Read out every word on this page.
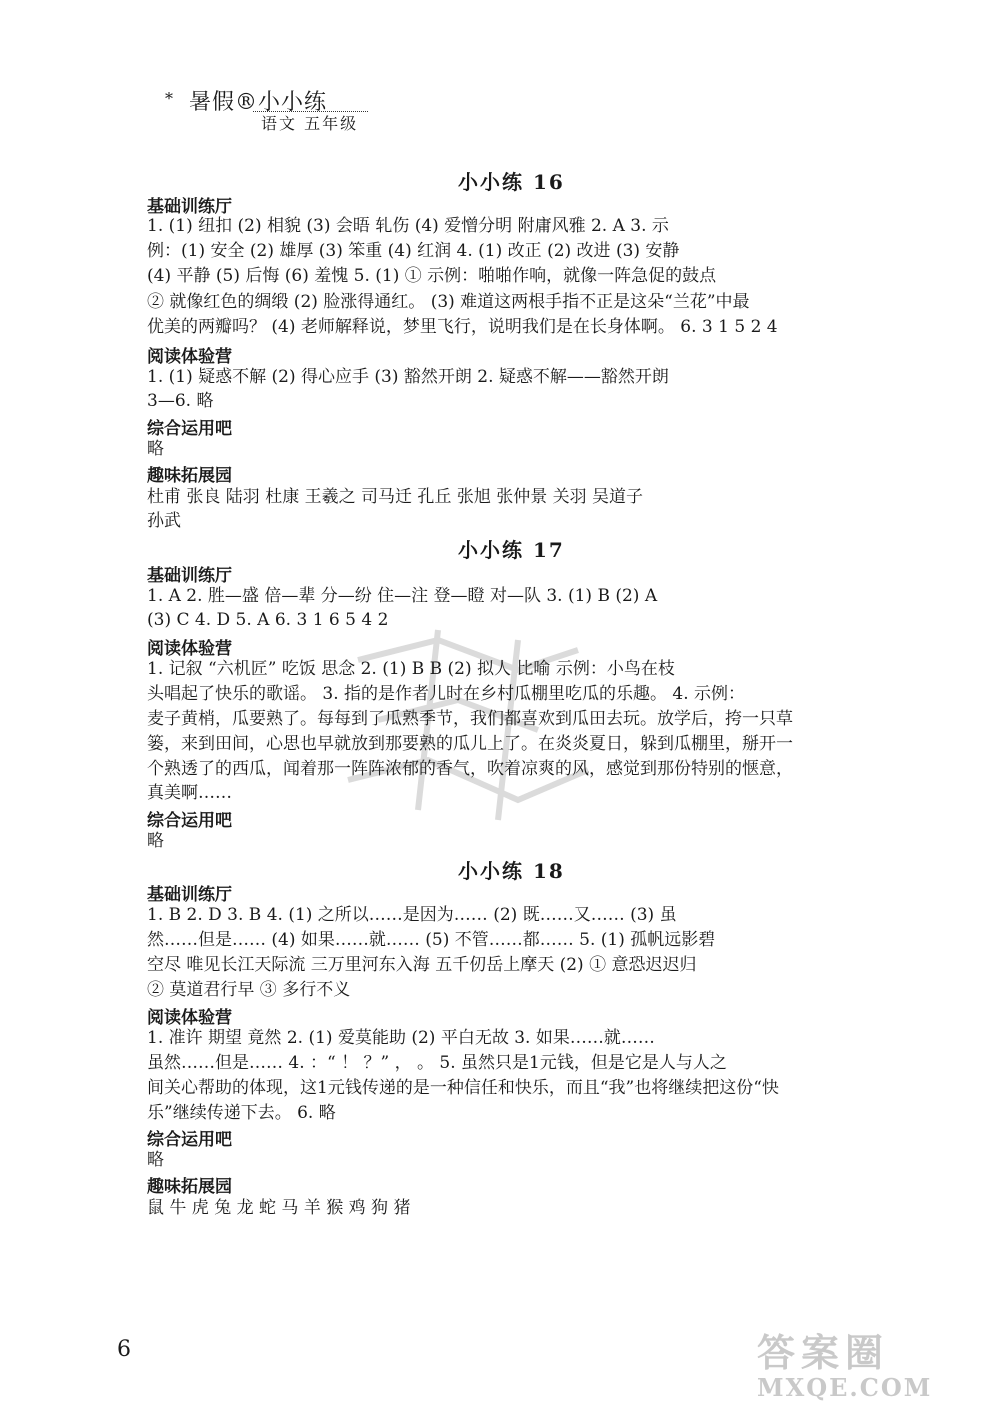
* 暑假®小小练
语文 五年级
小小练 16
基础训练厅
1. (1) 纽扣 (2) 相貌 (3) 会晤 轧伤 (4) 爱憎分明 附庸风雅 2. A 3. 示
例：(1) 安全 (2) 雄厚 (3) 笨重 (4) 红润 4. (1) 改正 (2) 改进 (3) 安静
(4) 平静 (5) 后悔 (6) 羞愧 5. (1) ① 示例：啪啪作响，就像一阵急促的鼓点
② 就像红色的绸缎 (2) 脸涨得通红。 (3) 难道这两根手指不正是这朵“兰花”中最
优美的两瓣吗？ (4) 老师解释说，梦里飞行，说明我们是在长身体啊。 6. 3 1 5 2 4
阅读体验营
1. (1) 疑惑不解 (2) 得心应手 (3) 豁然开朗 2. 疑惑不解——豁然开朗
3—6. 略
综合运用吧
略
趣味拓展园
杜甫 张良 陆羽 杜康 王羲之 司马迁 孔丘 张旭 张仲景 关羽 吴道子
孙武
小小练 17
基础训练厅
1. A 2. 胜—盛 倍—辈 分—纷 住—注 登—瞪 对—队 3. (1) B (2) A
(3) C 4. D 5. A 6. 3 1 6 5 4 2
阅读体验营
1. 记叙 “六机匠” 吃饭 思念 2. (1) B B (2) 拟人 比喻 示例：小鸟在枝
头唱起了快乐的歌谣。 3. 指的是作者儿时在乡村瓜棚里吃瓜的乐趣。 4. 示例：
麦子黄梢，瓜要熟了。每每到了瓜熟季节，我们都喜欢到瓜田去玩。放学后，挎一只草
篓，来到田间，心思也早就放到那要熟的瓜儿上了。在炎炎夏日，躲到瓜棚里，掰开一
个熟透了的西瓜，闻着那一阵阵浓郁的香气，吹着凉爽的风，感觉到那份特别的惬意，
真美啊……
综合运用吧
略
小小练 18
基础训练厅
1. B 2. D 3. B 4. (1) 之所以……是因为…… (2) 既……又…… (3) 虽
然……但是…… (4) 如果……就…… (5) 不管……都…… 5. (1) 孤帆远影碧
空尽 唯见长江天际流 三万里河东入海 五千仞岳上摩天 (2) ① 意恐迟迟归
② 莫道君行早 ③ 多行不义
阅读体验营
1. 准许 期望 竟然 2. (1) 爱莫能助 (2) 平白无故 3. 如果……就……
虽然……但是…… 4. ：“ ！ ？” ， 。 5. 虽然只是1元钱，但是它是人与人之
间关心帮助的体现，这1元钱传递的是一种信任和快乐，而且“我”也将继续把这份“快
乐”继续传递下去。 6. 略
综合运用吧
略
趣味拓展园
鼠 牛 虎 兔 龙 蛇 马 羊 猴 鸡 狗 猪
6	答案圈
MXQE.COM
